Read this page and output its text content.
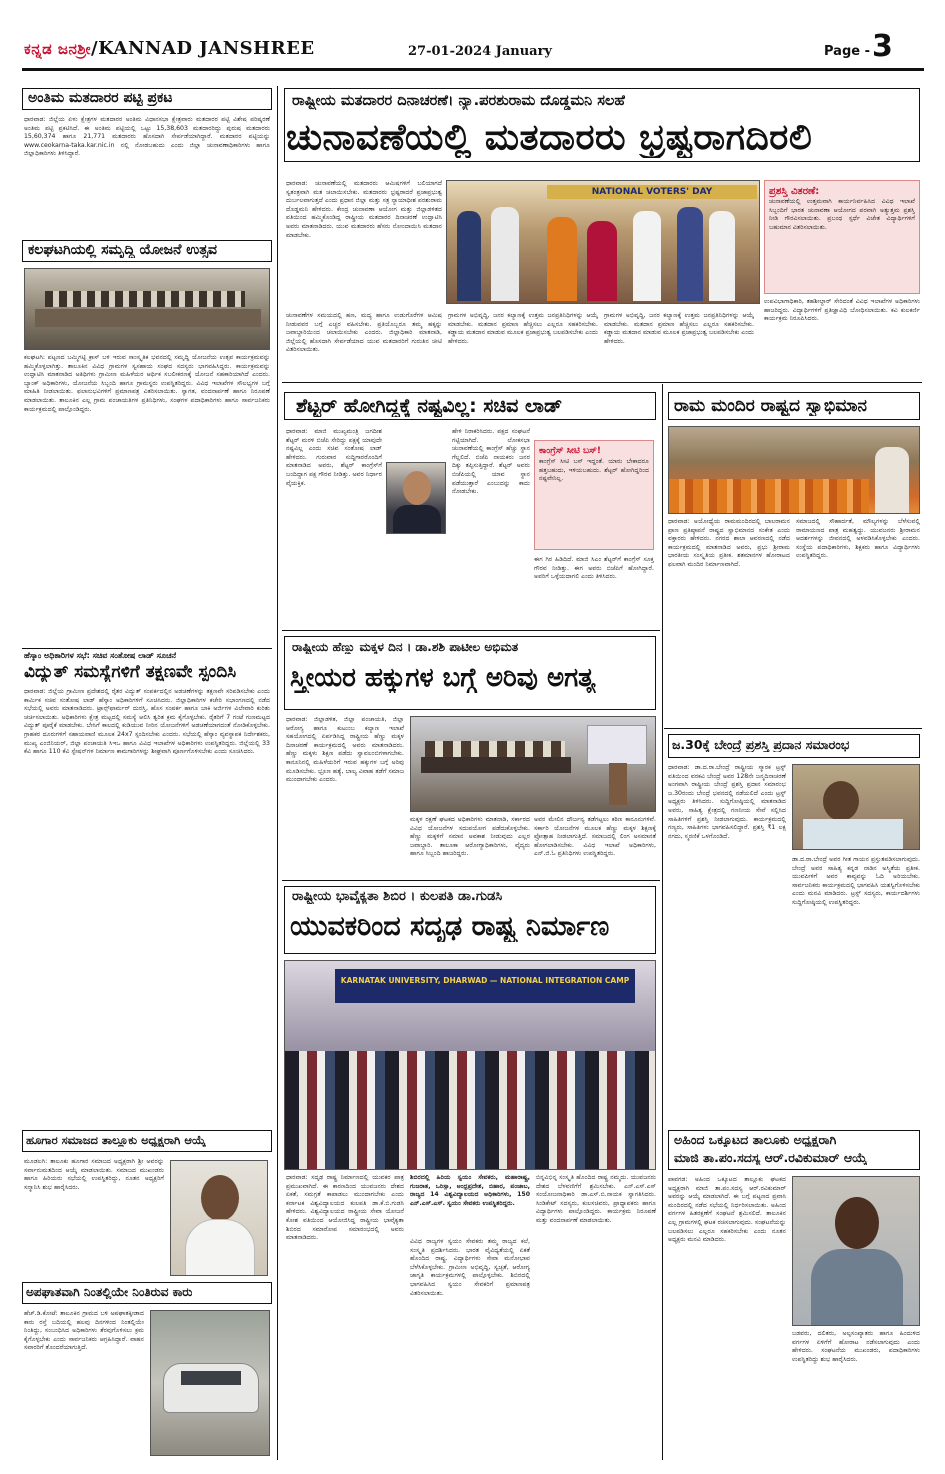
ಕನ್ನಡ ಜನಶ್ರೀ/KANNAD JANSHREE	27-01-2024 January	Page - 3
ಅಂತಿಮ ಮತದಾರರ ಪಟ್ಟಿ ಪ್ರಕಟ
ಧಾರವಾಡ: ಜಿಲ್ಲೆಯ ಏಳು ಕ್ಷೇತ್ರಗಳ ಮತದಾರರ ಅಂತಿಮ ವಿಧಾನಸಭಾ ಕ್ಷೇತ್ರವಾರು ಮತದಾರರ ಪಟ್ಟಿ ವಿಶೇಷ ಪರಿಷ್ಕರಣೆ ಅಂತಿಮ ಪಟ್ಟಿ ಪ್ರಕಟಿಸಿದೆ. ಈ ಅಂತಿಮ ಪಟ್ಟಿಯಲ್ಲಿ ಒಟ್ಟು 15,38,603 ಮತದಾರರಿದ್ದು ಪುರುಷ ಮತದಾರರು 15,60,374 ಹಾಗೂ 21,771 ಮತದಾರರು ಹೊಸದಾಗಿ ಸೇರ್ಪಡೆಯಾಗಿದ್ದಾರೆ. ಮತದಾರರ ಪಟ್ಟಿಯನ್ನು www.ceokarna-taka.kar.nic.in ನಲ್ಲಿ ನೋಡಬಹುದು ಎಂದು ಜಿಲ್ಲಾ ಚುನಾವಣಾಧಿಕಾರಿಗಳು ಹಾಗೂ ಜಿಲ್ಲಾಧಿಕಾರಿಗಳು ತಿಳಿಸಿದ್ದಾರೆ.
ಕಲಘಟಗಿಯಲ್ಲಿ ಸಮೃದ್ಧಿ ಯೋಜನೆ ಉತ್ಸವ
ಕಲಘಟಗಿ: ಪಟ್ಟಣದ ಬಮ್ಮಿಗಟ್ಟಿ ಕ್ರಾಸ್ ಬಳಿ ಇರುವ ಸಾಂಸ್ಕೃತಿಕ ಭವನದಲ್ಲಿ ಸಮೃದ್ಧಿ ಯೋಜನೆಯ ಉತ್ಸವ ಕಾರ್ಯಕ್ರಮವನ್ನು ಹಮ್ಮಿಕೊಳ್ಳಲಾಗಿತ್ತು. ತಾಲೂಕಿನ ವಿವಿಧ ಗ್ರಾಮಗಳ ಸ್ವಸಹಾಯ ಸಂಘದ ಸದಸ್ಯರು ಭಾಗವಹಿಸಿದ್ದರು. ಕಾರ್ಯಕ್ರಮವನ್ನು ಉದ್ಘಾಟಿಸಿ ಮಾತನಾಡಿದ ಅತಿಥಿಗಳು ಗ್ರಾಮೀಣ ಮಹಿಳೆಯರ ಆರ್ಥಿಕ ಸಬಲೀಕರಣಕ್ಕೆ ಯೋಜನೆ ಸಹಕಾರಿಯಾಗಿದೆ ಎಂದರು. ಬ್ಯಾಂಕ್ ಅಧಿಕಾರಿಗಳು, ಯೋಜನೆಯ ಸಿಬ್ಬಂದಿ ಹಾಗೂ ಗ್ರಾಮಸ್ಥರು ಉಪಸ್ಥಿತರಿದ್ದರು. ವಿವಿಧ ಇಲಾಖೆಗಳ ಸೌಲಭ್ಯಗಳ ಬಗ್ಗೆ ಮಾಹಿತಿ ನೀಡಲಾಯಿತು. ಫಲಾನುಭವಿಗಳಿಗೆ ಪ್ರಮಾಣಪತ್ರ ವಿತರಿಸಲಾಯಿತು. ಸ್ವಾಗತ, ವಂದನಾರ್ಪಣೆ ಹಾಗೂ ನಿರೂಪಣೆ ಮಾಡಲಾಯಿತು. ತಾಲೂಕಿನ ಎಲ್ಲ ಗ್ರಾಮ ಪಂಚಾಯತಿಗಳ ಪ್ರತಿನಿಧಿಗಳು, ಸಂಘಗಳ ಪದಾಧಿಕಾರಿಗಳು ಹಾಗೂ ಸಾರ್ವಜನಿಕರು ಕಾರ್ಯಕ್ರಮದಲ್ಲಿ ಪಾಲ್ಗೊಂಡಿದ್ದರು.
ಹೆಸ್ಕಾಂ ಅಧಿಕಾರಿಗಳ ಸಭೆ: ಸಚಿವ ಸಂತೋಷ ಲಾಡ್ ಸೂಚನೆ
ವಿದ್ಯುತ್ ಸಮಸ್ಯೆಗಳಿಗೆ ತಕ್ಷಣವೇ ಸ್ಪಂದಿಸಿ
ಧಾರವಾಡ: ಜಿಲ್ಲೆಯ ಗ್ರಾಮೀಣ ಪ್ರದೇಶದಲ್ಲಿ ರೈತರ ವಿದ್ಯುತ್ ಸಂಪರ್ಕದಲ್ಲಿನ ಅಡಚಣೆಗಳನ್ನು ತಕ್ಷಣವೇ ಸರಿಪಡಿಸಬೇಕು ಎಂದು ಕಾರ್ಮಿಕ ಸಚಿವ ಸಂತೋಷ ಲಾಡ್ ಹೆಸ್ಕಾಂ ಅಧಿಕಾರಿಗಳಿಗೆ ಸೂಚಿಸಿದರು. ಜಿಲ್ಲಾಧಿಕಾರಿಗಳ ಕಚೇರಿ ಸಭಾಂಗಣದಲ್ಲಿ ನಡೆದ ಸಭೆಯಲ್ಲಿ ಅವರು ಮಾತನಾಡಿದರು. ಟ್ರಾನ್ಸ್‌ಫಾರ್ಮರ್ ದುರಸ್ತಿ, ಹೊಸ ಸಂಪರ್ಕ ಹಾಗೂ ಬಾಕಿ ಅರ್ಜಿಗಳ ವಿಲೇವಾರಿ ಕುರಿತು ಚರ್ಚಿಸಲಾಯಿತು. ಅಧಿಕಾರಿಗಳು ಕ್ಷೇತ್ರ ಮಟ್ಟದಲ್ಲಿ ಸಮಸ್ಯೆ ಆಲಿಸಿ ತ್ವರಿತ ಕ್ರಮ ಕೈಗೊಳ್ಳಬೇಕು. ರೈತರಿಗೆ 7 ಗಂಟೆ ಗುಣಮಟ್ಟದ ವಿದ್ಯುತ್ ಪೂರೈಕೆ ಮಾಡಬೇಕು. ಬೇಸಿಗೆ ಕಾಲದಲ್ಲಿ ಕುಡಿಯುವ ನೀರಿನ ಯೋಜನೆಗಳಿಗೆ ಅಡಚಣೆಯಾಗದಂತೆ ನೋಡಿಕೊಳ್ಳಬೇಕು. ಗ್ರಾಹಕರ ದೂರುಗಳಿಗೆ ಸಹಾಯವಾಣಿ ಮೂಲಕ 24x7 ಸ್ಪಂದಿಸಬೇಕು ಎಂದರು. ಸಭೆಯಲ್ಲಿ ಹೆಸ್ಕಾಂ ವ್ಯವಸ್ಥಾಪಕ ನಿರ್ದೇಶಕರು, ಮುಖ್ಯ ಎಂಜಿನಿಯರ್, ಜಿಲ್ಲಾ ಪಂಚಾಯತಿ ಸಿಇಒ ಹಾಗೂ ವಿವಿಧ ಇಲಾಖೆಗಳ ಅಧಿಕಾರಿಗಳು ಉಪಸ್ಥಿತರಿದ್ದರು. ಜಿಲ್ಲೆಯಲ್ಲಿ 33 ಕೆವಿ ಹಾಗೂ 110 ಕೆವಿ ಸ್ಟೇಷನ್‌ಗಳ ನಿರ್ಮಾಣ ಕಾಮಗಾರಿಗಳನ್ನು ಶೀಘ್ರವಾಗಿ ಪೂರ್ಣಗೊಳಿಸಬೇಕು ಎಂದು ಸೂಚಿಸಿದರು.
ಹೂಗಾರ ಸಮಾಜದ ತಾಲ್ಲೂಕು ಅಧ್ಯಕ್ಷರಾಗಿ ಆಯ್ಕೆ
ಮೂಡಲಗಿ: ತಾಲೂಕು ಹೂಗಾರ ಸಮಾಜದ ಅಧ್ಯಕ್ಷರಾಗಿ ಶ್ರೀ ಅವರನ್ನು ಸರ್ವಾನುಮತದಿಂದ ಆಯ್ಕೆ ಮಾಡಲಾಯಿತು. ಸಮಾಜದ ಮುಖಂಡರು ಹಾಗೂ ಹಿರಿಯರು ಸಭೆಯಲ್ಲಿ ಉಪಸ್ಥಿತರಿದ್ದು, ನೂತನ ಅಧ್ಯಕ್ಷರಿಗೆ ಸನ್ಮಾನಿಸಿ ಶುಭ ಹಾರೈಸಿದರು.
ಅಪಘಾತವಾಗಿ ನಿಂತಲ್ಲಿಯೇ ನಿಂತಿರುವ ಕಾರು
ಹೆಚ್.ಡಿ.ಕೋಟೆ: ತಾಲೂಕಿನ ಗ್ರಾಮದ ಬಳಿ ಅಪಘಾತಕ್ಕೀಡಾದ ಕಾರು ರಸ್ತೆ ಬದಿಯಲ್ಲಿ ಹಲವು ದಿನಗಳಿಂದ ನಿಂತಲ್ಲಿಯೇ ನಿಂತಿದ್ದು, ಸಂಬಂಧಿಸಿದ ಅಧಿಕಾರಿಗಳು ತೆರವುಗೊಳಿಸಲು ಕ್ರಮ ಕೈಗೊಳ್ಳಬೇಕು ಎಂದು ಸಾರ್ವಜನಿಕರು ಆಗ್ರಹಿಸಿದ್ದಾರೆ. ವಾಹನ ಸವಾರರಿಗೆ ತೊಂದರೆಯಾಗುತ್ತಿದೆ.
ರಾಷ್ಟ್ರೀಯ ಮತದಾರರ ದಿನಾಚರಣೆ। ನ್ಯಾ.ಪರಶುರಾಮ ದೊಡ್ಡಮನಿ ಸಲಹೆ
ಚುನಾವಣೆಯಲ್ಲಿ ಮತದಾರರು ಭ್ರಷ್ಟರಾಗದಿರಲಿ
ಧಾರವಾಡ: ಚುನಾವಣೆಯಲ್ಲಿ ಮತದಾರರು ಆಮಿಷಗಳಿಗೆ ಬಲಿಯಾಗದೆ ಸ್ವತಂತ್ರವಾಗಿ ಮತ ಚಲಾಯಿಸಬೇಕು. ಮತದಾರರು ಭ್ರಷ್ಟರಾದರೆ ಪ್ರಜಾಪ್ರಭುತ್ವ ದುರ್ಬಲವಾಗುತ್ತದೆ ಎಂದು ಪ್ರಧಾನ ಜಿಲ್ಲಾ ಮತ್ತು ಸತ್ರ ನ್ಯಾಯಾಧೀಶ ಪರಶುರಾಮ ದೊಡ್ಡಮನಿ ಹೇಳಿದರು. ಕೇಂದ್ರ ಚುನಾವಣಾ ಆಯೋಗ ಮತ್ತು ಜಿಲ್ಲಾಡಳಿತದ ವತಿಯಿಂದ ಹಮ್ಮಿಕೊಂಡಿದ್ದ ರಾಷ್ಟ್ರೀಯ ಮತದಾರರ ದಿನಾಚರಣೆ ಉದ್ಘಾಟಿಸಿ ಅವರು ಮಾತನಾಡಿದರು. ಯುವ ಮತದಾರರು ಹೆಸರು ನೋಂದಾಯಿಸಿ ಮತದಾನ ಮಾಡಬೇಕು.
NATIONAL VOTERS' DAY	ಪ್ರಶಸ್ತಿ ವಿತರಣೆ:
ಚುನಾವಣೆಯಲ್ಲಿ ಉತ್ತಮವಾಗಿ ಕಾರ್ಯನಿರ್ವಹಿಸಿದ ವಿವಿಧ ಇಲಾಖೆ ಸಿಬ್ಬಂದಿಗೆ ಭಾರತ ಚುನಾವಣಾ ಆಯೋಗದ ಪರವಾಗಿ ಅತ್ಯುತ್ತಮ ಪ್ರಶಸ್ತಿ ನೀಡಿ ಗೌರವಿಸಲಾಯಿತು. ಪ್ರಬಂಧ ಸ್ಪರ್ಧೆ ವಿಜೇತ ವಿದ್ಯಾರ್ಥಿಗಳಿಗೆ ಬಹುಮಾನ ವಿತರಿಸಲಾಯಿತು.
ಚುನಾವಣೆಗಳ ಸಮಯದಲ್ಲಿ ಹಣ, ಮದ್ಯ ಹಾಗೂ ಉಡುಗೊರೆಗಳ ಆಮಿಷ ನೀಡುವವರ ಬಗ್ಗೆ ಎಚ್ಚರ ವಹಿಸಬೇಕು. ಪ್ರತಿಯೊಬ್ಬರೂ ತಮ್ಮ ಹಕ್ಕನ್ನು ಜವಾಬ್ದಾರಿಯಿಂದ ಚಲಾಯಿಸಬೇಕು ಎಂದರು. ಜಿಲ್ಲಾಧಿಕಾರಿ ಮಾತನಾಡಿ, ಜಿಲ್ಲೆಯಲ್ಲಿ ಹೊಸದಾಗಿ ಸೇರ್ಪಡೆಯಾದ ಯುವ ಮತದಾರರಿಗೆ ಗುರುತಿನ ಚೀಟಿ ವಿತರಿಸಲಾಯಿತು.
ಗ್ರಾಮಗಳ ಅಭಿವೃದ್ಧಿ, ಜನರ ಕಲ್ಯಾಣಕ್ಕೆ ಉತ್ತಮ ಜನಪ್ರತಿನಿಧಿಗಳನ್ನು ಆಯ್ಕೆ ಮಾಡಬೇಕು. ಮತದಾನ ಪ್ರಮಾಣ ಹೆಚ್ಚಿಸಲು ಎಲ್ಲರೂ ಸಹಕರಿಸಬೇಕು. ಕಡ್ಡಾಯ ಮತದಾನ ಮಾಡುವ ಮೂಲಕ ಪ್ರಜಾಪ್ರಭುತ್ವ ಬಲಪಡಿಸಬೇಕು ಎಂದು ಹೇಳಿದರು.
ಗ್ರಾಮಗಳ ಅಭಿವೃದ್ಧಿ, ಜನರ ಕಲ್ಯಾಣಕ್ಕೆ ಉತ್ತಮ ಜನಪ್ರತಿನಿಧಿಗಳನ್ನು ಆಯ್ಕೆ ಮಾಡಬೇಕು. ಮತದಾನ ಪ್ರಮಾಣ ಹೆಚ್ಚಿಸಲು ಎಲ್ಲರೂ ಸಹಕರಿಸಬೇಕು. ಕಡ್ಡಾಯ ಮತದಾನ ಮಾಡುವ ಮೂಲಕ ಪ್ರಜಾಪ್ರಭುತ್ವ ಬಲಪಡಿಸಬೇಕು ಎಂದು ಹೇಳಿದರು.
ಉಪವಿಭಾಗಾಧಿಕಾರಿ, ತಹಶೀಲ್ದಾರ್ ಸೇರಿದಂತೆ ವಿವಿಧ ಇಲಾಖೆಗಳ ಅಧಿಕಾರಿಗಳು ಹಾಜರಿದ್ದರು. ವಿದ್ಯಾರ್ಥಿಗಳಿಗೆ ಪ್ರತಿಜ್ಞಾವಿಧಿ ಬೋಧಿಸಲಾಯಿತು. ಕವಿ ಕುಲಕರ್ಣಿ ಕಾರ್ಯಕ್ರಮ ನಿರೂಪಿಸಿದರು.
ಶೆಟ್ಟರ್ ಹೋಗಿದ್ದಕ್ಕೆ ನಷ್ಟವಿಲ್ಲ: ಸಚಿವ ಲಾಡ್
ಧಾರವಾಡ: ಮಾಜಿ ಮುಖ್ಯಮಂತ್ರಿ ಜಗದೀಶ ಶೆಟ್ಟರ್ ಮರಳಿ ಬಿಜೆಪಿ ಸೇರಿದ್ದು ಪಕ್ಷಕ್ಕೆ ಯಾವುದೇ ನಷ್ಟವಿಲ್ಲ ಎಂದು ಸಚಿವ ಸಂತೋಷ ಲಾಡ್ ಹೇಳಿದರು. ಗುರುವಾರ ಸುದ್ದಿಗಾರರೊಂದಿಗೆ ಮಾತನಾಡಿದ ಅವರು, ಶೆಟ್ಟರ್ ಕಾಂಗ್ರೆಸ್‌ಗೆ ಬಂದಿದ್ದಾಗ ಪಕ್ಷ ಗೌರವ ನೀಡಿತ್ತು. ಅವರ ನಿರ್ಧಾರ ವೈಯಕ್ತಿಕ.
ಹೇಳಿ ನಿರಾಕರಿಸಿದರು. ಪಕ್ಷದ ಸಂಘಟನೆ ಗಟ್ಟಿಯಾಗಿದೆ. ಲೋಕಸಭಾ ಚುನಾವಣೆಯಲ್ಲಿ ಕಾಂಗ್ರೆಸ್ ಹೆಚ್ಚು ಸ್ಥಾನ ಗೆಲ್ಲಲಿದೆ. ಬಿಜೆಪಿ ನಾಯಕರು ಜನರ ದಿಕ್ಕು ತಪ್ಪಿಸುತ್ತಿದ್ದಾರೆ. ಶೆಟ್ಟರ್ ಅವರು ಬಿಜೆಪಿಯಲ್ಲಿ ಯಾವ ಸ್ಥಾನ ಪಡೆಯುತ್ತಾರೆ ಎಂಬುದನ್ನು ಕಾದು ನೋಡಬೇಕು.
ಕಾಂಗ್ರೆಸ್ ಸೀಟಿ ಬಸ್!
ಕಾಂಗ್ರೆಸ್ ಸೀಟಿ ಬಸ್ ಇದ್ದಂತೆ. ಯಾರು ಬೇಕಾದರೂ ಹತ್ತಬಹುದು, ಇಳಿಯಬಹುದು. ಶೆಟ್ಟರ್ ಹೋಗಿದ್ದರಿಂದ ನಷ್ಟವೇನಿಲ್ಲ.
ಈಗ ಗಿರ ಹಿಡಿದಿದೆ. ಮಾಜಿ ಸಿಎಂ ಶೆಟ್ಟರ್‌ಗೆ ಕಾಂಗ್ರೆಸ್ ಸೂಕ್ತ ಗೌರವ ನೀಡಿತ್ತು. ಈಗ ಅವರು ಬಿಜೆಪಿಗೆ ಹೋಗಿದ್ದಾರೆ. ಅವರಿಗೆ ಒಳ್ಳೆಯದಾಗಲಿ ಎಂದು ತಿಳಿಸಿದರು.
ರಾಮ ಮಂದಿರ ರಾಷ್ಟ್ರದ ಸ್ವಾಭಿಮಾನ
ಧಾರವಾಡ: ಅಯೋಧ್ಯೆಯ ರಾಮಮಂದಿರದಲ್ಲಿ ಬಾಲರಾಮನ ಪ್ರಾಣ ಪ್ರತಿಷ್ಠಾಪನೆ ರಾಷ್ಟ್ರದ ಸ್ವಾಭಿಮಾನದ ಸಂಕೇತ ಎಂದು ವಕ್ತಾರರು ಹೇಳಿದರು. ನಗರದ ಶಾಲಾ ಆವರಣದಲ್ಲಿ ನಡೆದ ಕಾರ್ಯಕ್ರಮದಲ್ಲಿ ಮಾತನಾಡಿದ ಅವರು, ಪ್ರಭು ಶ್ರೀರಾಮ ಭಾರತೀಯ ಸಂಸ್ಕೃತಿಯ ಪ್ರತೀಕ. ಶತಮಾನಗಳ ಹೋರಾಟದ ಫಲವಾಗಿ ಮಂದಿರ ನಿರ್ಮಾಣವಾಗಿದೆ.
ಸಮಾಜದಲ್ಲಿ ಸೌಹಾರ್ದತೆ, ಮೌಲ್ಯಗಳನ್ನು ಬೆಳೆಸುವಲ್ಲಿ ರಾಮಾಯಣದ ಪಾತ್ರ ಮಹತ್ವದ್ದು. ಯುವಜನರು ಶ್ರೀರಾಮನ ಆದರ್ಶಗಳನ್ನು ಜೀವನದಲ್ಲಿ ಅಳವಡಿಸಿಕೊಳ್ಳಬೇಕು ಎಂದರು. ಸಂಸ್ಥೆಯ ಪದಾಧಿಕಾರಿಗಳು, ಶಿಕ್ಷಕರು ಹಾಗೂ ವಿದ್ಯಾರ್ಥಿಗಳು ಉಪಸ್ಥಿತರಿದ್ದರು.
ರಾಷ್ಟ್ರೀಯ ಹೆಣ್ಣು ಮಕ್ಕಳ ದಿನ । ಡಾ.ಶಶಿ ಪಾಟೀಲ ಅಭಿಮತ
ಸ್ತ್ರೀಯರ ಹಕ್ಕುಗಳ ಬಗ್ಗೆ ಅರಿವು ಅಗತ್ಯ
ಧಾರವಾಡ: ಜಿಲ್ಲಾಡಳಿತ, ಜಿಲ್ಲಾ ಪಂಚಾಯತಿ, ಜಿಲ್ಲಾ ಆರೋಗ್ಯ ಹಾಗೂ ಕುಟುಂಬ ಕಲ್ಯಾಣ ಇಲಾಖೆ ಸಹಯೋಗದಲ್ಲಿ ಏರ್ಪಡಿಸಿದ್ದ ರಾಷ್ಟ್ರೀಯ ಹೆಣ್ಣು ಮಕ್ಕಳ ದಿನಾಚರಣೆ ಕಾರ್ಯಕ್ರಮದಲ್ಲಿ ಅವರು ಮಾತನಾಡಿದರು. ಹೆಣ್ಣು ಮಕ್ಕಳು ಶಿಕ್ಷಣ ಪಡೆದು ಸ್ವಾವಲಂಬಿಗಳಾಗಬೇಕು. ಕಾನೂನಿನಲ್ಲಿ ಮಹಿಳೆಯರಿಗೆ ಇರುವ ಹಕ್ಕುಗಳ ಬಗ್ಗೆ ಅರಿವು ಮೂಡಿಸಬೇಕು. ಭ್ರೂಣ ಹತ್ಯೆ, ಬಾಲ್ಯ ವಿವಾಹ ತಡೆಗೆ ಸಮಾಜ ಮುಂದಾಗಬೇಕು ಎಂದರು.
ಮಕ್ಕಳ ರಕ್ಷಣೆ ಘಟಕದ ಅಧಿಕಾರಿಗಳು ಮಾತನಾಡಿ, ಸರ್ಕಾರದ ವಿವಿಧ ಯೋಜನೆಗಳ ಸದುಪಯೋಗ ಪಡೆದುಕೊಳ್ಳಬೇಕು. ಹೆಣ್ಣು ಮಕ್ಕಳಿಗೆ ಸಮಾನ ಅವಕಾಶ ನೀಡುವುದು ಎಲ್ಲರ ಜವಾಬ್ದಾರಿ. ತಾಲೂಕಾ ಆರೋಗ್ಯಾಧಿಕಾರಿಗಳು, ವೈದ್ಯರು ಹಾಗೂ ಸಿಬ್ಬಂದಿ ಹಾಜರಿದ್ದರು.
ಅವರ ಮೇಲಿನ ದೌರ್ಜನ್ಯ ತಡೆಗಟ್ಟಲು ಕಠಿಣ ಕಾನೂನುಗಳಿವೆ. ಸರ್ಕಾರಿ ಯೋಜನೆಗಳ ಮೂಲಕ ಹೆಣ್ಣು ಮಕ್ಕಳ ಶಿಕ್ಷಣಕ್ಕೆ ಪ್ರೋತ್ಸಾಹ ನೀಡಲಾಗುತ್ತಿದೆ. ಸಮಾಜದಲ್ಲಿ ಲಿಂಗ ಅಸಮಾನತೆ ಹೋಗಲಾಡಿಸಬೇಕು. ವಿವಿಧ ಇಲಾಖೆ ಅಧಿಕಾರಿಗಳು, ಎನ್.ಜಿ.ಓ ಪ್ರತಿನಿಧಿಗಳು ಉಪಸ್ಥಿತರಿದ್ದರು.
ಜ.30ಕ್ಕೆ ಬೇಂದ್ರೆ ಪ್ರಶಸ್ತಿ ಪ್ರದಾನ ಸಮಾರಂಭ
ಧಾರವಾಡ: ಡಾ.ದ.ರಾ.ಬೇಂದ್ರೆ ರಾಷ್ಟ್ರೀಯ ಸ್ಮಾರಕ ಟ್ರಸ್ಟ್ ವತಿಯಿಂದ ವರಕವಿ ಬೇಂದ್ರೆ ಅವರ 128ನೇ ಜನ್ಮದಿನಾಚರಣೆ ಅಂಗವಾಗಿ ರಾಷ್ಟ್ರೀಯ ಬೇಂದ್ರೆ ಪ್ರಶಸ್ತಿ ಪ್ರದಾನ ಸಮಾರಂಭ ಜ.30ರಂದು ಬೇಂದ್ರೆ ಭವನದಲ್ಲಿ ನಡೆಯಲಿದೆ ಎಂದು ಟ್ರಸ್ಟ್ ಅಧ್ಯಕ್ಷರು ತಿಳಿಸಿದರು. ಸುದ್ದಿಗೋಷ್ಠಿಯಲ್ಲಿ ಮಾತನಾಡಿದ ಅವರು, ಸಾಹಿತ್ಯ ಕ್ಷೇತ್ರದಲ್ಲಿ ಗಣನೀಯ ಸೇವೆ ಸಲ್ಲಿಸಿದ ಸಾಹಿತಿಗಳಿಗೆ ಪ್ರಶಸ್ತಿ ನೀಡಲಾಗುವುದು. ಕಾರ್ಯಕ್ರಮದಲ್ಲಿ ಗಣ್ಯರು, ಸಾಹಿತಿಗಳು ಭಾಗವಹಿಸಲಿದ್ದಾರೆ. ಪ್ರಶಸ್ತಿ ₹1 ಲಕ್ಷ ನಗದು, ಸ್ಮರಣಿಕೆ ಒಳಗೊಂಡಿದೆ.
ಡಾ.ದ.ರಾ.ಬೇಂದ್ರೆ ಅವರ ಗೀತ ಗಾಯನ ಪ್ರಸ್ತುತಪಡಿಸಲಾಗುವುದು. ಬೇಂದ್ರೆ ಅವರ ಸಾಹಿತ್ಯ ಕನ್ನಡ ನಾಡಿನ ಅಸ್ಮಿತೆಯ ಪ್ರತೀಕ. ಯುವಪೀಳಿಗೆ ಅವರ ಕಾವ್ಯವನ್ನು ಓದಿ ಅರಿಯಬೇಕು. ಸಾರ್ವಜನಿಕರು ಕಾರ್ಯಕ್ರಮದಲ್ಲಿ ಭಾಗವಹಿಸಿ ಯಶಸ್ವಿಗೊಳಿಸಬೇಕು ಎಂದು ಮನವಿ ಮಾಡಿದರು. ಟ್ರಸ್ಟ್ ಸದಸ್ಯರು, ಕಾರ್ಯದರ್ಶಿಗಳು ಸುದ್ದಿಗೋಷ್ಠಿಯಲ್ಲಿ ಉಪಸ್ಥಿತರಿದ್ದರು.
ರಾಷ್ಟ್ರೀಯ ಭಾವೈಕ್ಯತಾ ಶಿಬಿರ । ಕುಲಪತಿ ಡಾ.ಗುಡಸಿ
ಯುವಕರಿಂದ ಸದೃಢ ರಾಷ್ಟ್ರ ನಿರ್ಮಾಣ
KARNATAK UNIVERSITY, DHARWAD — NATIONAL INTEGRATION CAMP
ಧಾರವಾಡ: ಸದೃಢ ರಾಷ್ಟ್ರ ನಿರ್ಮಾಣದಲ್ಲಿ ಯುವಕರ ಪಾತ್ರ ಪ್ರಮುಖವಾಗಿದೆ. ಈ ಕಾರಣದಿಂದ ಯುವಜನರು ದೇಶದ ಏಕತೆ, ಸಮಗ್ರತೆ ಕಾಪಾಡಲು ಮುಂದಾಗಬೇಕು ಎಂದು ಕರ್ನಾಟಕ ವಿಶ್ವವಿದ್ಯಾಲಯದ ಕುಲಪತಿ ಡಾ.ಕೆ.ಬಿ.ಗುಡಸಿ ಹೇಳಿದರು. ವಿಶ್ವವಿದ್ಯಾಲಯದ ರಾಷ್ಟ್ರೀಯ ಸೇವಾ ಯೋಜನೆ ಕೋಶ ವತಿಯಿಂದ ಆಯೋಜಿಸಿದ್ದ ರಾಷ್ಟ್ರೀಯ ಭಾವೈಕ್ಯತಾ ಶಿಬಿರದ ಸಮಾರೋಪ ಸಮಾರಂಭದಲ್ಲಿ ಅವರು ಮಾತನಾಡಿದರು.
ಶಿಬಿರದಲ್ಲಿ ಹಿರಿಯ ಸ್ವಯಂ ಸೇವಕರು, ಮಹಾರಾಷ್ಟ್ರ, ಗುಜರಾತ, ಒರಿಸ್ಸಾ, ಆಂಧ್ರಪ್ರದೇಶ, ಬಿಹಾರ, ಪಂಜಾಬ, ರಾಜ್ಯದ 14 ವಿಶ್ವವಿದ್ಯಾಲಯದ ಅಧಿಕಾರಿಗಳು, 150 ಎನ್.ಎಸ್.ಎಸ್. ಸ್ವಯಂ ಸೇವಕರು ಉಪಸ್ಥಿತರಿದ್ದರು.
ವಿವಿಧ ರಾಜ್ಯಗಳ ಸ್ವಯಂ ಸೇವಕರು ತಮ್ಮ ರಾಜ್ಯದ ಕಲೆ, ಸಂಸ್ಕೃತಿ ಪ್ರದರ್ಶಿಸಿದರು. ಭಾರತ ವೈವಿಧ್ಯತೆಯಲ್ಲಿ ಏಕತೆ ಹೊಂದಿದ ರಾಷ್ಟ್ರ. ವಿದ್ಯಾರ್ಥಿಗಳು ಸೇವಾ ಮನೋಭಾವ ಬೆಳೆಸಿಕೊಳ್ಳಬೇಕು. ಗ್ರಾಮೀಣ ಅಭಿವೃದ್ಧಿ, ಸ್ವಚ್ಛತೆ, ಆರೋಗ್ಯ ಜಾಗೃತಿ ಕಾರ್ಯಕ್ರಮಗಳಲ್ಲಿ ಪಾಲ್ಗೊಳ್ಳಬೇಕು. ಶಿಬಿರದಲ್ಲಿ ಭಾಗವಹಿಸಿದ ಸ್ವಯಂ ಸೇವಕರಿಗೆ ಪ್ರಮಾಣಪತ್ರ ವಿತರಿಸಲಾಯಿತು.
ಬಿನ್ನವಿಭಿನ್ನ ಸಂಸ್ಕೃತಿ ಹೊಂದಿದ ರಾಷ್ಟ್ರ ನಮ್ಮದು. ಯುವಜನರು ದೇಶದ ಬೆಳವಣಿಗೆಗೆ ಶ್ರಮಿಸಬೇಕು. ಎನ್.ಎಸ್.ಎಸ್ ಸಂಯೋಜನಾಧಿಕಾರಿ ಡಾ.ಎಸ್.ಬಿ.ನಾಯಕ ಸ್ವಾಗತಿಸಿದರು. ಸಿಂಡಿಕೇಟ್ ಸದಸ್ಯರು, ಕುಲಸಚಿವರು, ಪ್ರಾಧ್ಯಾಪಕರು ಹಾಗೂ ವಿದ್ಯಾರ್ಥಿಗಳು ಪಾಲ್ಗೊಂಡಿದ್ದರು. ಕಾರ್ಯಕ್ರಮ ನಿರೂಪಣೆ ಮತ್ತು ವಂದನಾರ್ಪಣೆ ಮಾಡಲಾಯಿತು.
ಅಹಿಂದ ಒಕ್ಕೂಟದ ತಾಲೂಕು ಅಧ್ಯಕ್ಷರಾಗಿ
ಮಾಜಿ ತಾ.ಪಂ.ಸದಸ್ಯ ಆರ್.ರವಿಕುಮಾರ್ ಆಯ್ಕೆ
ಪಾವಗಡ: ಅಹಿಂದ ಒಕ್ಕೂಟದ ತಾಲ್ಲೂಕು ಘಟಕದ ಅಧ್ಯಕ್ಷರಾಗಿ ಮಾಜಿ ತಾ.ಪಂ.ಸದಸ್ಯ ಆರ್.ರವಿಕುಮಾರ್ ಅವರನ್ನು ಆಯ್ಕೆ ಮಾಡಲಾಗಿದೆ. ಈ ಬಗ್ಗೆ ಪಟ್ಟಣದ ಪ್ರವಾಸಿ ಮಂದಿರದಲ್ಲಿ ನಡೆದ ಸಭೆಯಲ್ಲಿ ನಿರ್ಧರಿಸಲಾಯಿತು. ಅಹಿಂದ ವರ್ಗಗಳ ಹಿತರಕ್ಷಣೆಗೆ ಸಂಘಟನೆ ಶ್ರಮಿಸಲಿದೆ. ತಾಲೂಕಿನ ಎಲ್ಲ ಗ್ರಾಮಗಳಲ್ಲಿ ಘಟಕ ರಚಿಸಲಾಗುವುದು. ಸಂಘಟನೆಯನ್ನು ಬಲಪಡಿಸಲು ಎಲ್ಲರೂ ಸಹಕರಿಸಬೇಕು ಎಂದು ನೂತನ ಅಧ್ಯಕ್ಷರು ಮನವಿ ಮಾಡಿದರು.
ಬಡವರು, ದಲಿತರು, ಅಲ್ಪಸಂಖ್ಯಾತರು ಹಾಗೂ ಹಿಂದುಳಿದ ವರ್ಗಗಳ ಏಳಿಗೆಗೆ ಹೋರಾಟ ನಡೆಸಲಾಗುವುದು ಎಂದು ಹೇಳಿದರು. ಸಂಘಟನೆಯ ಮುಖಂಡರು, ಪದಾಧಿಕಾರಿಗಳು ಉಪಸ್ಥಿತರಿದ್ದು ಶುಭ ಹಾರೈಸಿದರು.
